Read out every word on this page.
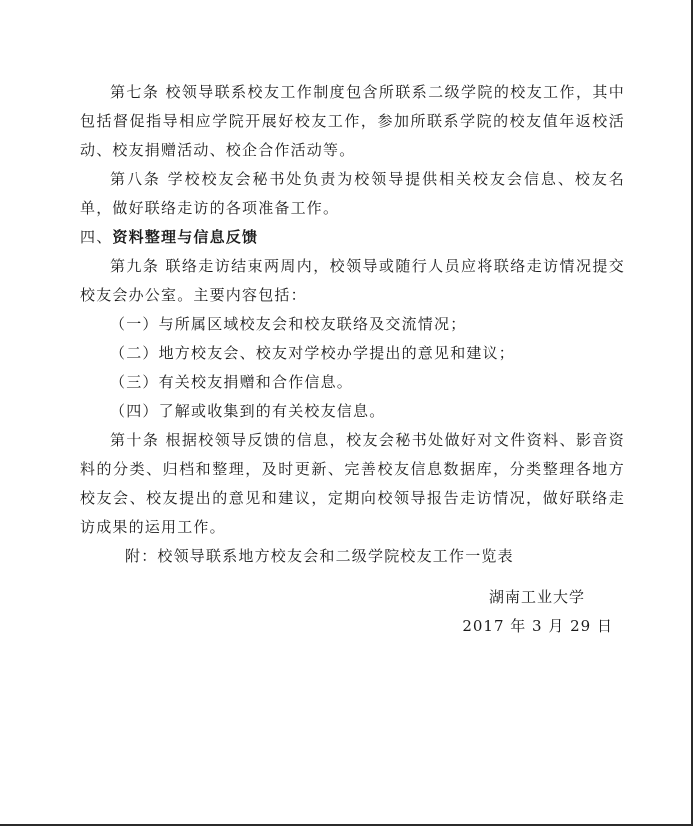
第七条 校领导联系校友工作制度包含所联系二级学院的校友工作，其中包括督促指导相应学院开展好校友工作，参加所联系学院的校友值年返校活动、校友捐赠活动、校企合作活动等。

第八条 学校校友会秘书处负责为校领导提供相关校友会信息、校友名单，做好联络走访的各项准备工作。

四、资料整理与信息反馈

第九条 联络走访结束两周内，校领导或随行人员应将联络走访情况提交校友会办公室。主要内容包括：

（一）与所属区域校友会和校友联络及交流情况；

（二）地方校友会、校友对学校办学提出的意见和建议；

（三）有关校友捐赠和合作信息。

（四）了解或收集到的有关校友信息。

第十条 根据校领导反馈的信息，校友会秘书处做好对文件资料、影音资料的分类、归档和整理，及时更新、完善校友信息数据库，分类整理各地方校友会、校友提出的意见和建议，定期向校领导报告走访情况，做好联络走访成果的运用工作。

附：校领导联系地方校友会和二级学院校友工作一览表

湖南工业大学
2017 年 3 月 29 日
